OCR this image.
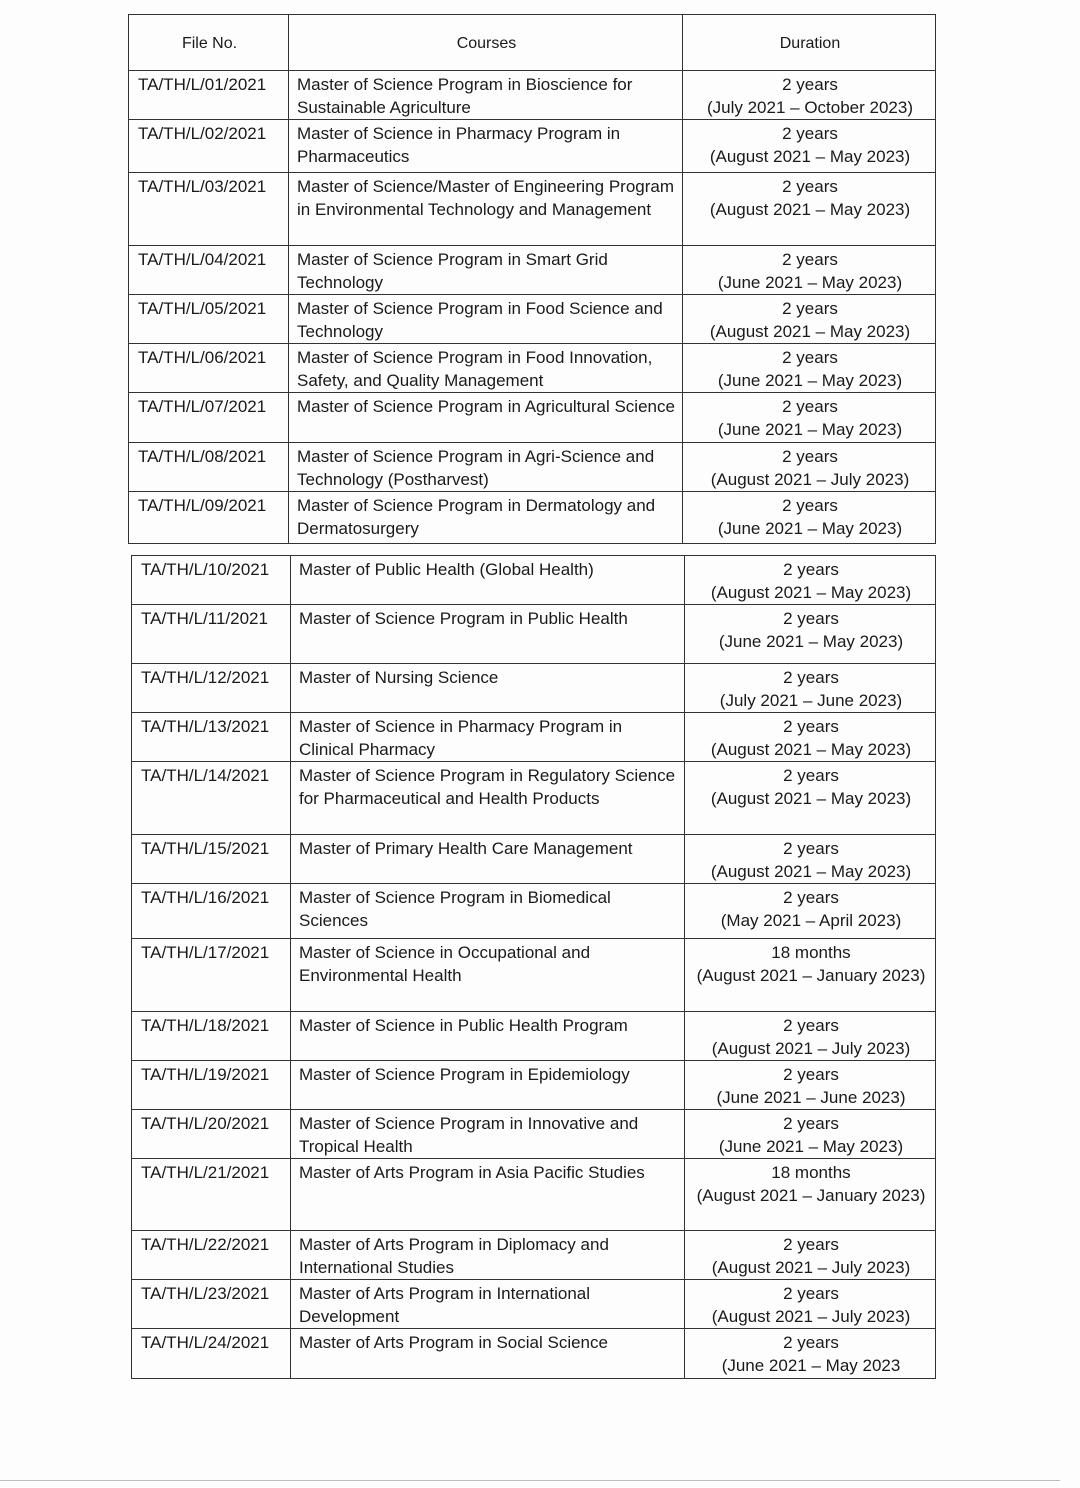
File No.	Courses	Duration
TA/TH/L/01/2021	Master of Science Program in Bioscience for Sustainable Agriculture	2 years
(July 2021 – October 2023)

TA/TH/L/02/2021	Master of Science in Pharmacy Program in Pharmaceutics	2 years
(August 2021 – May 2023)

TA/TH/L/03/2021	Master of Science/Master of Engineering Program in Environmental Technology and Management	2 years
(August 2021 – May 2023)

TA/TH/L/04/2021	Master of Science Program in Smart Grid Technology	2 years
(June 2021 – May 2023)

TA/TH/L/05/2021	Master of Science Program in Food Science and Technology	2 years
(August 2021 – May 2023)

TA/TH/L/06/2021	Master of Science Program in Food Innovation, Safety, and Quality Management	2 years
(June 2021 – May 2023)

TA/TH/L/07/2021	Master of Science Program in Agricultural Science	2 years
(June 2021 – May 2023)

TA/TH/L/08/2021	Master of Science Program in Agri-Science and Technology (Postharvest)	2 years
(August 2021 – July 2023)

TA/TH/L/09/2021	Master of Science Program in Dermatology and Dermatosurgery	2 years
(June 2021 – May 2023)
TA/TH/L/10/2021	Master of Public Health (Global Health)	2 years
(August 2021 – May 2023)

TA/TH/L/11/2021	Master of Science Program in Public Health	2 years
(June 2021 – May 2023)

TA/TH/L/12/2021	Master of Nursing Science	2 years
(July 2021 – June 2023)

TA/TH/L/13/2021	Master of Science in Pharmacy Program in Clinical Pharmacy	2 years
(August 2021 – May 2023)

TA/TH/L/14/2021	Master of Science Program in Regulatory Science for Pharmaceutical and Health Products	2 years
(August 2021 – May 2023)

TA/TH/L/15/2021	Master of Primary Health Care Management	2 years
(August 2021 – May 2023)

TA/TH/L/16/2021	Master of Science Program in Biomedical Sciences	2 years
(May 2021 – April 2023)

TA/TH/L/17/2021	Master of Science in Occupational and Environmental Health	18 months
(August 2021 – January 2023)

TA/TH/L/18/2021	Master of Science in Public Health Program	2 years
(August 2021 – July 2023)

TA/TH/L/19/2021	Master of Science Program in Epidemiology	2 years
(June 2021 – June 2023)

TA/TH/L/20/2021	Master of Science Program in Innovative and Tropical Health	2 years
(June 2021 – May 2023)

TA/TH/L/21/2021	Master of Arts Program in Asia Pacific Studies	18 months
(August 2021 – January 2023)

TA/TH/L/22/2021	Master of Arts Program in Diplomacy and International Studies	2 years
(August 2021 – July 2023)

TA/TH/L/23/2021	Master of Arts Program in International Development	2 years
(August 2021 – July 2023)

TA/TH/L/24/2021	Master of Arts Program in Social Science	2 years
(June 2021 – May 2023
